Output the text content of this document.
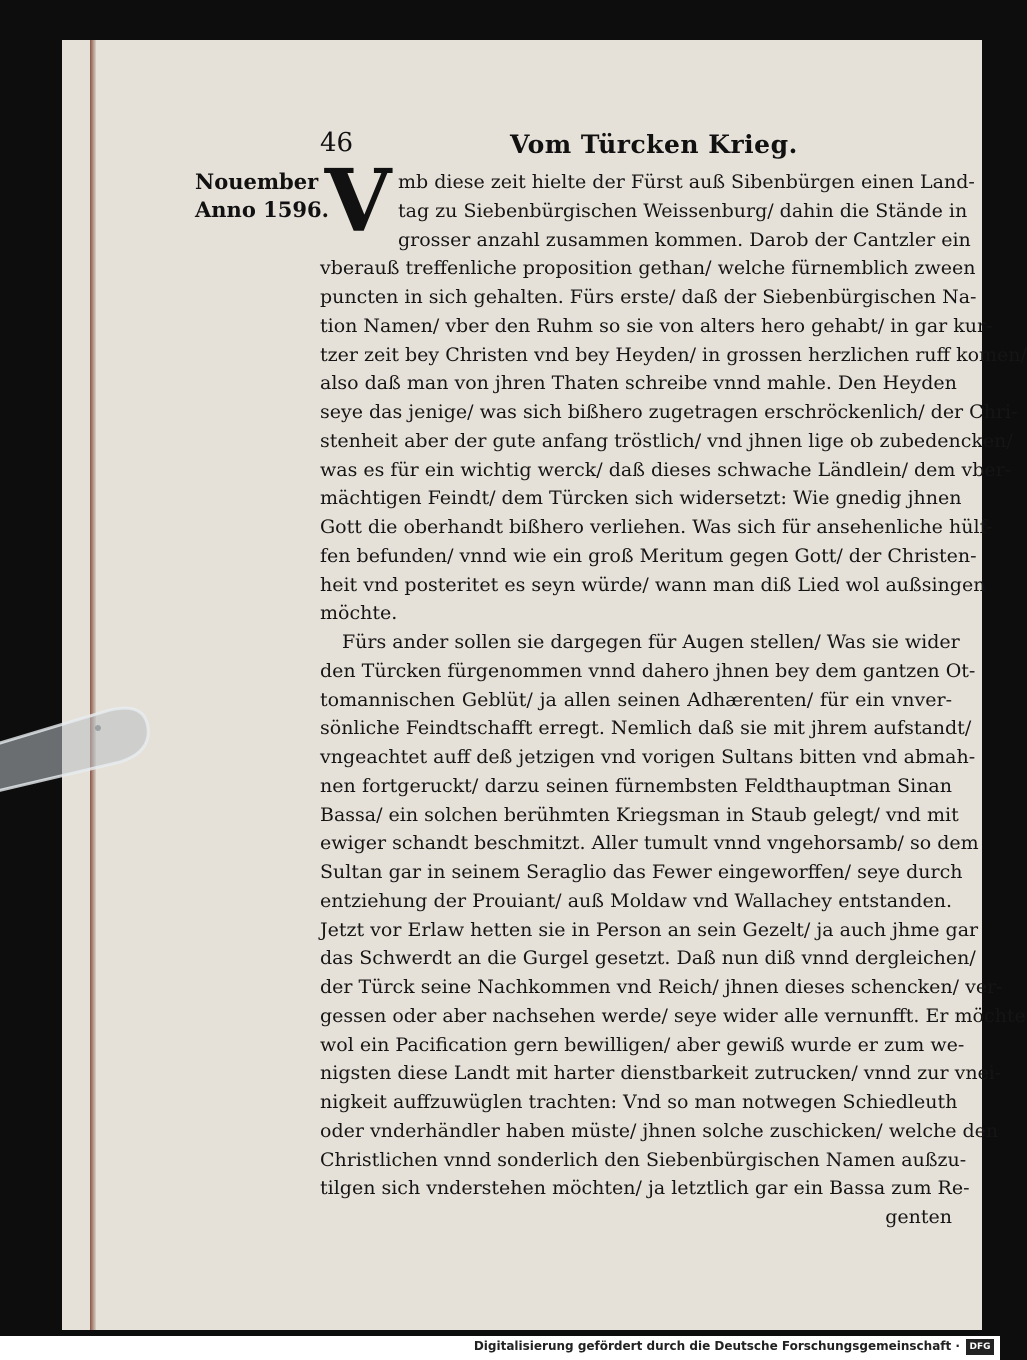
46	Vom Türcken Krieg.
Nouember
Anno 1596.
V mb diese zeit hielte der Fürst auß Sibenbürgen einen Land-
tag zu Siebenbürgischen Weissenburg/ dahin die Stände in
grosser anzahl zusammen kommen. Darob der Cantzler ein
vberauß treffenliche proposition gethan/ welche fürnemblich zween
puncten in sich gehalten. Fürs erste/ daß der Siebenbürgischen Na-
tion Namen/ vber den Ruhm so sie von alters hero gehabt/ in gar kur-
tzer zeit bey Christen vnd bey Heyden/ in grossen herzlichen ruff komen/
also daß man von jhren Thaten schreibe vnnd mahle. Den Heyden
seye das jenige/ was sich bißhero zugetragen erschröckenlich/ der Chri-
stenheit aber der gute anfang tröstlich/ vnd jhnen lige ob zubedencken/
was es für ein wichtig werck/ daß dieses schwache Ländlein/ dem vber-
mächtigen Feindt/ dem Türcken sich widersetzt: Wie gnedig jhnen
Gott die oberhandt bißhero verliehen. Was sich für ansehenliche hülf-
fen befunden/ vnnd wie ein groß Meritum gegen Gott/ der Christen-
heit vnd posteritet es seyn würde/ wann man diß Lied wol außsingen
möchte.
Fürs ander sollen sie dargegen für Augen stellen/ Was sie wider
den Türcken fürgenommen vnnd dahero jhnen bey dem gantzen Ot-
tomannischen Geblüt/ ja allen seinen Adhærenten/ für ein vnver-
sönliche Feindtschafft erregt. Nemlich daß sie mit jhrem aufstandt/
vngeachtet auff deß jetzigen vnd vorigen Sultans bitten vnd abmah-
nen fortgeruckt/ darzu seinen fürnembsten Feldthauptman Sinan
Bassa/ ein solchen berühmten Kriegsman in Staub gelegt/ vnd mit
ewiger schandt beschmitzt. Aller tumult vnnd vngehorsamb/ so dem
Sultan gar in seinem Seraglio das Fewer eingeworffen/ seye durch
entziehung der Prouiant/ auß Moldaw vnd Wallachey entstanden.
Jetzt vor Erlaw hetten sie in Person an sein Gezelt/ ja auch jhme gar
das Schwerdt an die Gurgel gesetzt. Daß nun diß vnnd dergleichen/
der Türck seine Nachkommen vnd Reich/ jhnen dieses schencken/ ver-
gessen oder aber nachsehen werde/ seye wider alle vernunfft. Er möchte
wol ein Pacification gern bewilligen/ aber gewiß wurde er zum we-
nigsten diese Landt mit harter dienstbarkeit zutrucken/ vnnd zur vnei-
nigkeit auffzuwüglen trachten: Vnd so man notwegen Schiedleuth
oder vnderhändler haben müste/ jhnen solche zuschicken/ welche den
Christlichen vnnd sonderlich den Siebenbürgischen Namen außzu-
tilgen sich vnderstehen möchten/ ja letztlich gar ein Bassa zum Re-
genten
Digitalisierung gefördert durch die Deutsche Forschungsgemeinschaft ·	DFG
